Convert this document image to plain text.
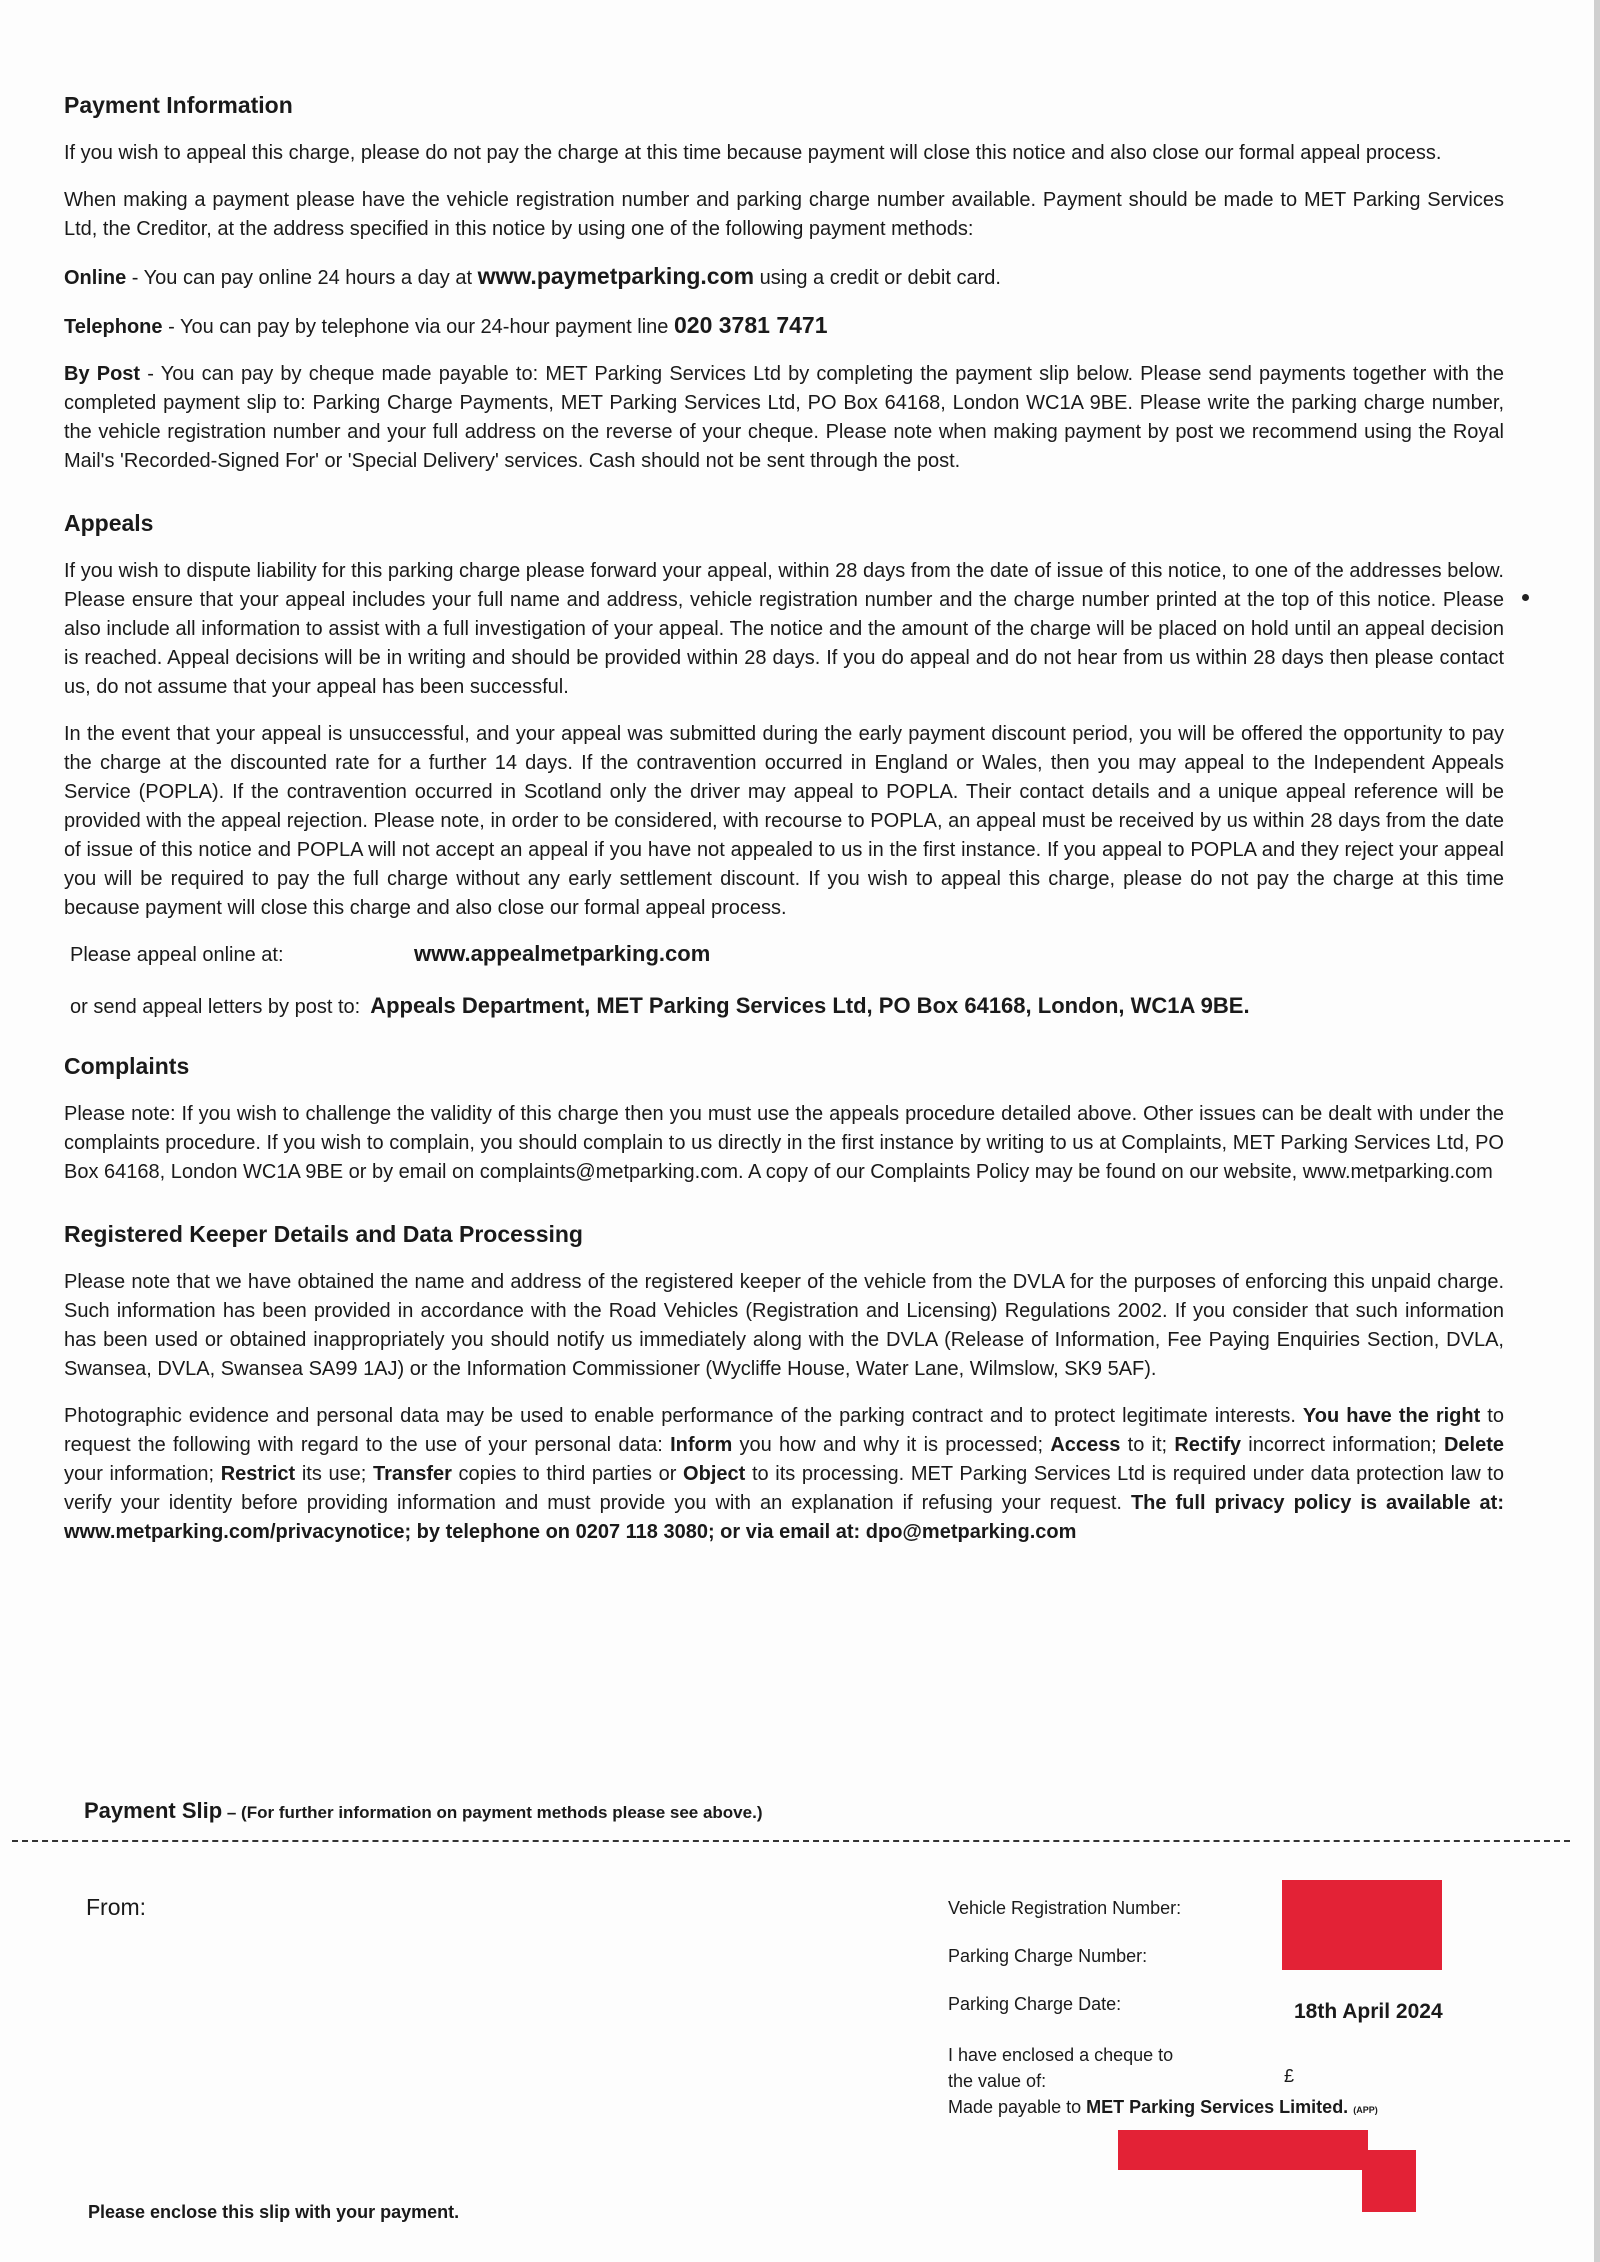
Payment Information

If you wish to appeal this charge, please do not pay the charge at this time because payment will close this notice and also close our formal appeal process.

When making a payment please have the vehicle registration number and parking charge number available. Payment should be made to MET Parking Services Ltd, the Creditor, at the address specified in this notice by using one of the following payment methods:

Online - You can pay online 24 hours a day at www.paymetparking.com using a credit or debit card.

Telephone - You can pay by telephone via our 24-hour payment line 020 3781 7471

By Post - You can pay by cheque made payable to: MET Parking Services Ltd by completing the payment slip below. Please send payments together with the completed payment slip to: Parking Charge Payments, MET Parking Services Ltd, PO Box 64168, London WC1A 9BE. Please write the parking charge number, the vehicle registration number and your full address on the reverse of your cheque. Please note when making payment by post we recommend using the Royal Mail's 'Recorded-Signed For' or 'Special Delivery' services. Cash should not be sent through the post.

Appeals

If you wish to dispute liability for this parking charge please forward your appeal, within 28 days from the date of issue of this notice, to one of the addresses below. Please ensure that your appeal includes your full name and address, vehicle registration number and the charge number printed at the top of this notice. Please also include all information to assist with a full investigation of your appeal. The notice and the amount of the charge will be placed on hold until an appeal decision is reached. Appeal decisions will be in writing and should be provided within 28 days. If you do appeal and do not hear from us within 28 days then please contact us, do not assume that your appeal has been successful.

In the event that your appeal is unsuccessful, and your appeal was submitted during the early payment discount period, you will be offered the opportunity to pay the charge at the discounted rate for a further 14 days. If the contravention occurred in England or Wales, then you may appeal to the Independent Appeals Service (POPLA). If the contravention occurred in Scotland only the driver may appeal to POPLA. Their contact details and a unique appeal reference will be provided with the appeal rejection. Please note, in order to be considered, with recourse to POPLA, an appeal must be received by us within 28 days from the date of issue of this notice and POPLA will not accept an appeal if you have not appealed to us in the first instance. If you appeal to POPLA and they reject your appeal you will be required to pay the full charge without any early settlement discount. If you wish to appeal this charge, please do not pay the charge at this time because payment will close this charge and also close our formal appeal process.

Please appeal online at:	www.appealmetparking.com
or send appeal letters by post to: Appeals Department, MET Parking Services Ltd, PO Box 64168, London, WC1A 9BE.
Complaints

Please note: If you wish to challenge the validity of this charge then you must use the appeals procedure detailed above. Other issues can be dealt with under the complaints procedure. If you wish to complain, you should complain to us directly in the first instance by writing to us at Complaints, MET Parking Services Ltd, PO Box 64168, London WC1A 9BE or by email on complaints@metparking.com. A copy of our Complaints Policy may be found on our website, www.metparking.com

Registered Keeper Details and Data Processing

Please note that we have obtained the name and address of the registered keeper of the vehicle from the DVLA for the purposes of enforcing this unpaid charge. Such information has been provided in accordance with the Road Vehicles (Registration and Licensing) Regulations 2002. If you consider that such information has been used or obtained inappropriately you should notify us immediately along with the DVLA (Release of Information, Fee Paying Enquiries Section, DVLA, Swansea, DVLA, Swansea SA99 1AJ) or the Information Commissioner (Wycliffe House, Water Lane, Wilmslow, SK9 5AF).

Photographic evidence and personal data may be used to enable performance of the parking contract and to protect legitimate interests. You have the right to request the following with regard to the use of your personal data: Inform you how and why it is processed; Access to it; Rectify incorrect information; Delete your information; Restrict its use; Transfer copies to third parties or Object to its processing. MET Parking Services Ltd is required under data protection law to verify your identity before providing information and must provide you with an explanation if refusing your request. The full privacy policy is available at: www.metparking.com/privacynotice; by telephone on 0207 118 3080; or via email at: dpo@metparking.com

Payment Slip – (For further information on payment methods please see above.)
From:	Vehicle Registration Number:
Parking Charge Number:
Parking Charge Date:	18th April 2024
I have enclosed a cheque to
the value of:	£
Made payable to MET Parking Services Limited. (APP)
Please enclose this slip with your payment.
